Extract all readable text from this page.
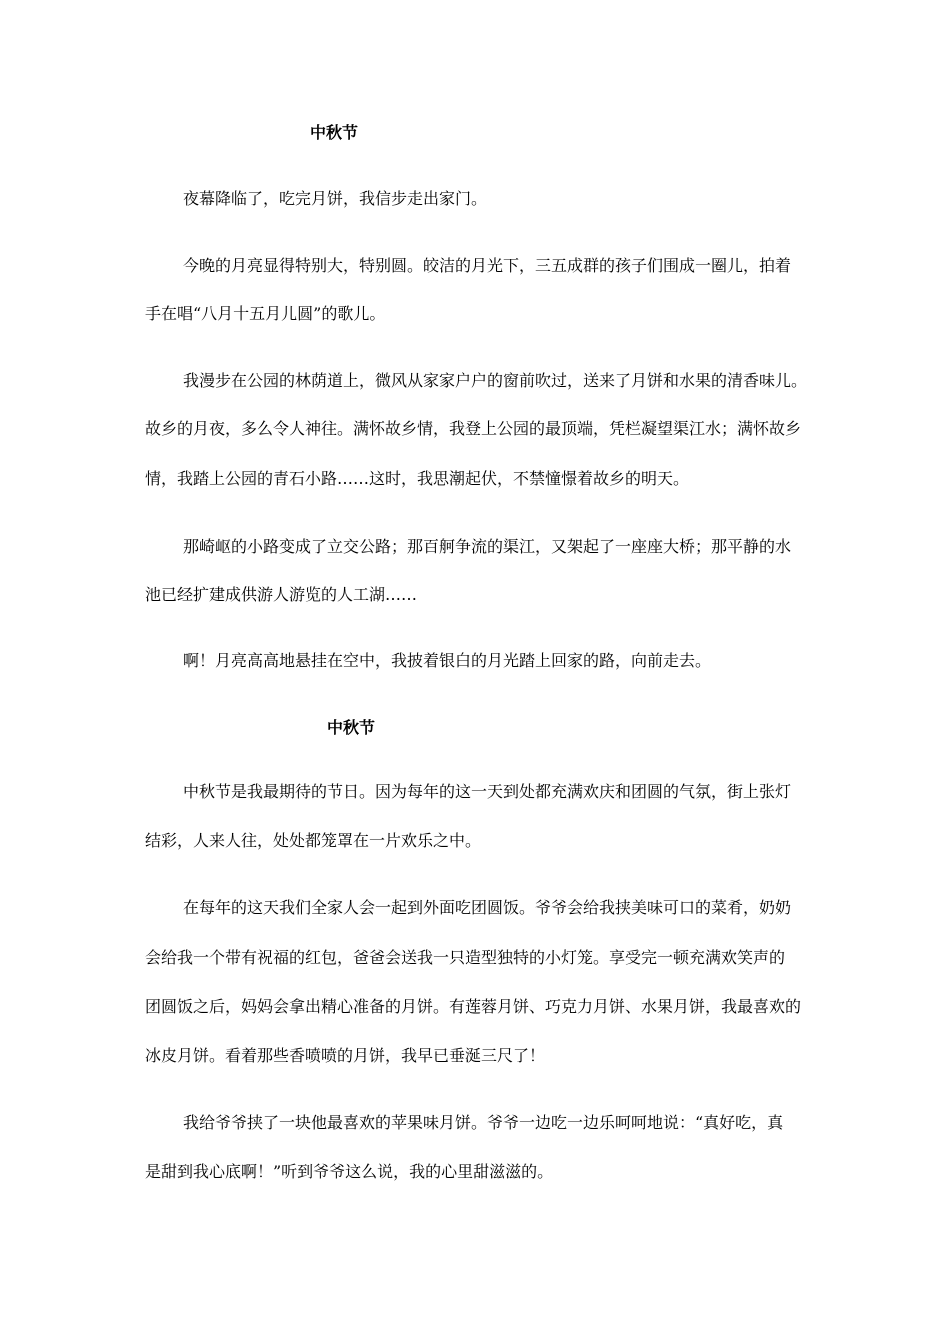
中秋节

夜幕降临了，吃完月饼，我信步走出家门。

今晚的月亮显得特别大，特别圆。皎洁的月光下，三五成群的孩子们围成一圈儿，拍着

手在唱“八月十五月儿圆”的歌儿。

我漫步在公园的林荫道上，微风从家家户户的窗前吹过，送来了月饼和水果的清香味儿。

故乡的月夜，多么令人神往。满怀故乡情，我登上公园的最顶端，凭栏凝望渠江水；满怀故乡

情，我踏上公园的青石小路……这时，我思潮起伏，不禁憧憬着故乡的明天。

那崎岖的小路变成了立交公路；那百舸争流的渠江，又架起了一座座大桥；那平静的水

池已经扩建成供游人游览的人工湖……

啊！月亮高高地悬挂在空中，我披着银白的月光踏上回家的路，向前走去。

中秋节

中秋节是我最期待的节日。因为每年的这一天到处都充满欢庆和团圆的气氛，街上张灯

结彩，人来人往，处处都笼罩在一片欢乐之中。

在每年的这天我们全家人会一起到外面吃团圆饭。爷爷会给我挟美味可口的菜肴，奶奶

会给我一个带有祝福的红包，爸爸会送我一只造型独特的小灯笼。享受完一顿充满欢笑声的

团圆饭之后，妈妈会拿出精心准备的月饼。有莲蓉月饼、巧克力月饼、水果月饼，我最喜欢的

冰皮月饼。看着那些香喷喷的月饼，我早已垂涎三尺了！

我给爷爷挟了一块他最喜欢的苹果味月饼。爷爷一边吃一边乐呵呵地说：“真好吃，真

是甜到我心底啊！”听到爷爷这么说，我的心里甜滋滋的。
